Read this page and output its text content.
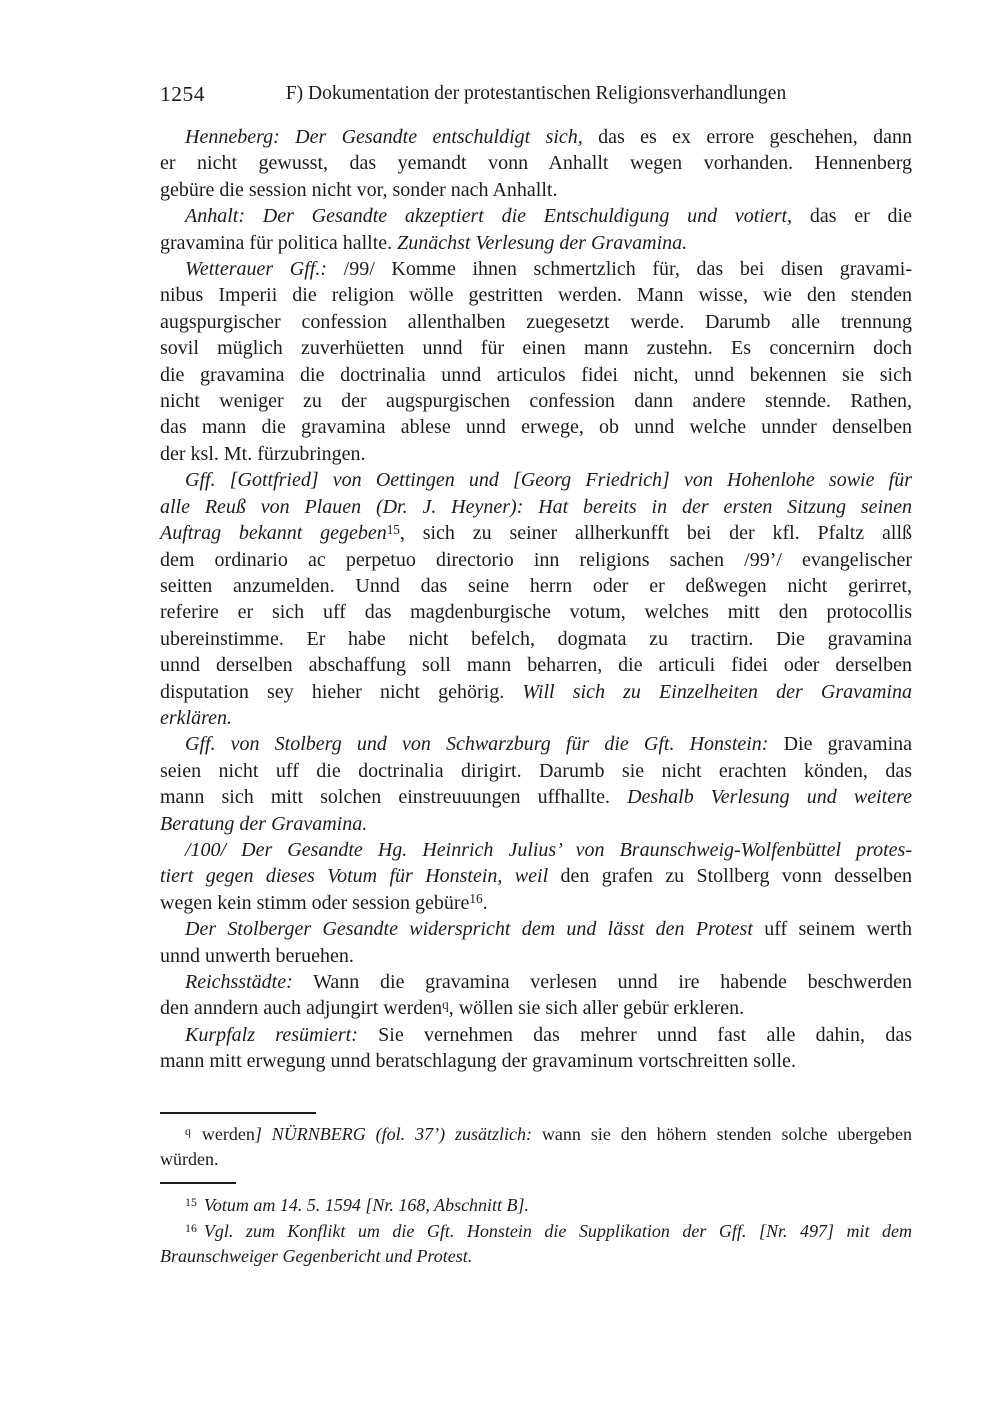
1254	F) Dokumentation der protestantischen Religionsverhandlungen
Henneberg: Der Gesandte entschuldigt sich, das es ex errore geschehen, dann
er nicht gewusst, das yemandt vonn Anhallt wegen vorhanden. Hennenberg
gebüre die session nicht vor, sonder nach Anhallt.
Anhalt: Der Gesandte akzeptiert die Entschuldigung und votiert, das er die
gravamina für politica hallte. Zunächst Verlesung der Gravamina.
Wetterauer Gff.: /99/ Komme ihnen schmertzlich für, das bei disen gravami-
nibus Imperii die religion wölle gestritten werden. Mann wisse, wie den stenden
augspurgischer confession allenthalben zuegesetzt werde. Darumb alle trennung
sovil müglich zuverhüetten unnd für einen mann zustehn. Es concernirn doch
die gravamina die doctrinalia unnd articulos fidei nicht, unnd bekennen sie sich
nicht weniger zu der augspurgischen confession dann andere stennde. Rathen,
das mann die gravamina ablese unnd erwege, ob unnd welche unnder denselben
der ksl. Mt. fürzubringen.
Gff. [Gottfried] von Oettingen und [Georg Friedrich] von Hohenlohe sowie für
alle Reuß von Plauen (Dr. J. Heyner): Hat bereits in der ersten Sitzung seinen
Auftrag bekannt gegeben$^{15}$, sich zu seiner allherkunfft bei der kfl. Pfaltz allß
dem ordinario ac perpetuo directorio inn religions sachen /99’/ evangelischer
seitten anzumelden. Unnd das seine herrn oder er deßwegen nicht gerirret,
referire er sich uff das magdenburgische votum, welches mitt den protocollis
ubereinstimme. Er habe nicht befelch, dogmata zu tractirn. Die gravamina
unnd derselben abschaffung soll mann beharren, die articuli fidei oder derselben
disputation sey hieher nicht gehörig. Will sich zu Einzelheiten der Gravamina
erklären.
Gff. von Stolberg und von Schwarzburg für die Gft. Honstein: Die gravamina
seien nicht uff die doctrinalia dirigirt. Darumb sie nicht erachten könden, das
mann sich mitt solchen einstreuuungen uffhallte. Deshalb Verlesung und weitere
Beratung der Gravamina.
/100/ Der Gesandte Hg. Heinrich Julius’ von Braunschweig-Wolfenbüttel protes-
tiert gegen dieses Votum für Honstein, weil den grafen zu Stollberg vonn desselben
wegen kein stimm oder session gebüre$^{16}$.
Der Stolberger Gesandte widerspricht dem und lässt den Protest uff seinem werth
unnd unwerth beruehen.
Reichsstädte: Wann die gravamina verlesen unnd ire habende beschwerden
den anndern auch adjungirt werden$^q$, wöllen sie sich aller gebür erkleren.
Kurpfalz resümiert: Sie vernehmen das mehrer unnd fast alle dahin, das
mann mitt erwegung unnd beratschlagung der gravaminum vortschreitten solle.
$^q$ werden] NÜRNBERG (fol. 37’) zusätzlich: wann sie den höhern stenden solche ubergeben
würden.
$^{15}$ Votum am 14. 5. 1594 [Nr. 168, Abschnitt B].
$^{16}$ Vgl. zum Konflikt um die Gft. Honstein die Supplikation der Gff. [Nr. 497] mit dem
Braunschweiger Gegenbericht und Protest.
